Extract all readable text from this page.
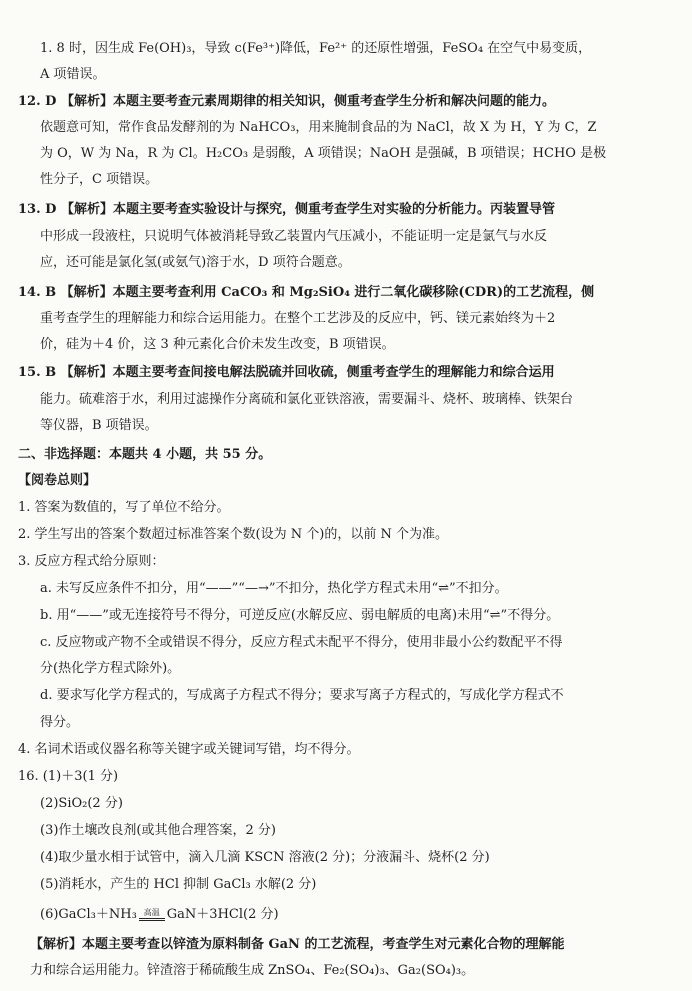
1. 8 时，因生成 Fe(OH)₃，导致 c(Fe³⁺)降低，Fe²⁺ 的还原性增强，FeSO₄ 在空气中易变质，
A 项错误。
12. D 【解析】本题主要考查元素周期律的相关知识，侧重考查学生分析和解决问题的能力。
依题意可知，常作食品发酵剂的为 NaHCO₃，用来腌制食品的为 NaCl，故 X 为 H，Y 为 C，Z
为 O，W 为 Na，R 为 Cl。H₂CO₃ 是弱酸，A 项错误；NaOH 是强碱，B 项错误；HCHO 是极
性分子，C 项错误。
13. D 【解析】本题主要考查实验设计与探究，侧重考查学生对实验的分析能力。丙装置导管
中形成一段液柱，只说明气体被消耗导致乙装置内气压减小，不能证明一定是氯气与水反
应，还可能是氯化氢(或氨气)溶于水，D 项符合题意。
14. B 【解析】本题主要考查利用 CaCO₃ 和 Mg₂SiO₄ 进行二氧化碳移除(CDR)的工艺流程，侧
重考查学生的理解能力和综合运用能力。在整个工艺涉及的反应中，钙、镁元素始终为＋2
价，硅为＋4 价，这 3 种元素化合价未发生改变，B 项错误。
15. B 【解析】本题主要考查间接电解法脱硫并回收硫，侧重考查学生的理解能力和综合运用
能力。硫难溶于水，利用过滤操作分离硫和氯化亚铁溶液，需要漏斗、烧杯、玻璃棒、铁架台
等仪器，B 项错误。
二、非选择题：本题共 4 小题，共 55 分。
【阅卷总则】
1. 答案为数值的，写了单位不给分。
2. 学生写出的答案个数超过标准答案个数(设为 N 个)的，以前 N 个为准。
3. 反应方程式给分原则：
a. 未写反应条件不扣分，用“——”“—→”不扣分，热化学方程式未用“⇌”不扣分。
b. 用“——”或无连接符号不得分，可逆反应(水解反应、弱电解质的电离)未用“⇌”不得分。
c. 反应物或产物不全或错误不得分，反应方程式未配平不得分，使用非最小公约数配平不得
分(热化学方程式除外)。
d. 要求写化学方程式的，写成离子方程式不得分；要求写离子方程式的，写成化学方程式不
得分。
4. 名词术语或仪器名称等关键字或关键词写错，均不得分。
16. (1)＋3(1 分)
(2)SiO₂(2 分)
(3)作土壤改良剂(或其他合理答案，2 分)
(4)取少量水相于试管中，滴入几滴 KSCN 溶液(2 分)；分液漏斗、烧杯(2 分)
(5)消耗水，产生的 HCl 抑制 GaCl₃ 水解(2 分)
(6)GaCl₃＋NH₃ 高温 GaN＋3HCl(2 分)
【解析】本题主要考查以锌渣为原料制备 GaN 的工艺流程，考查学生对元素化合物的理解能
力和综合运用能力。锌渣溶于稀硫酸生成 ZnSO₄、Fe₂(SO₄)₃、Ga₂(SO₄)₃。
